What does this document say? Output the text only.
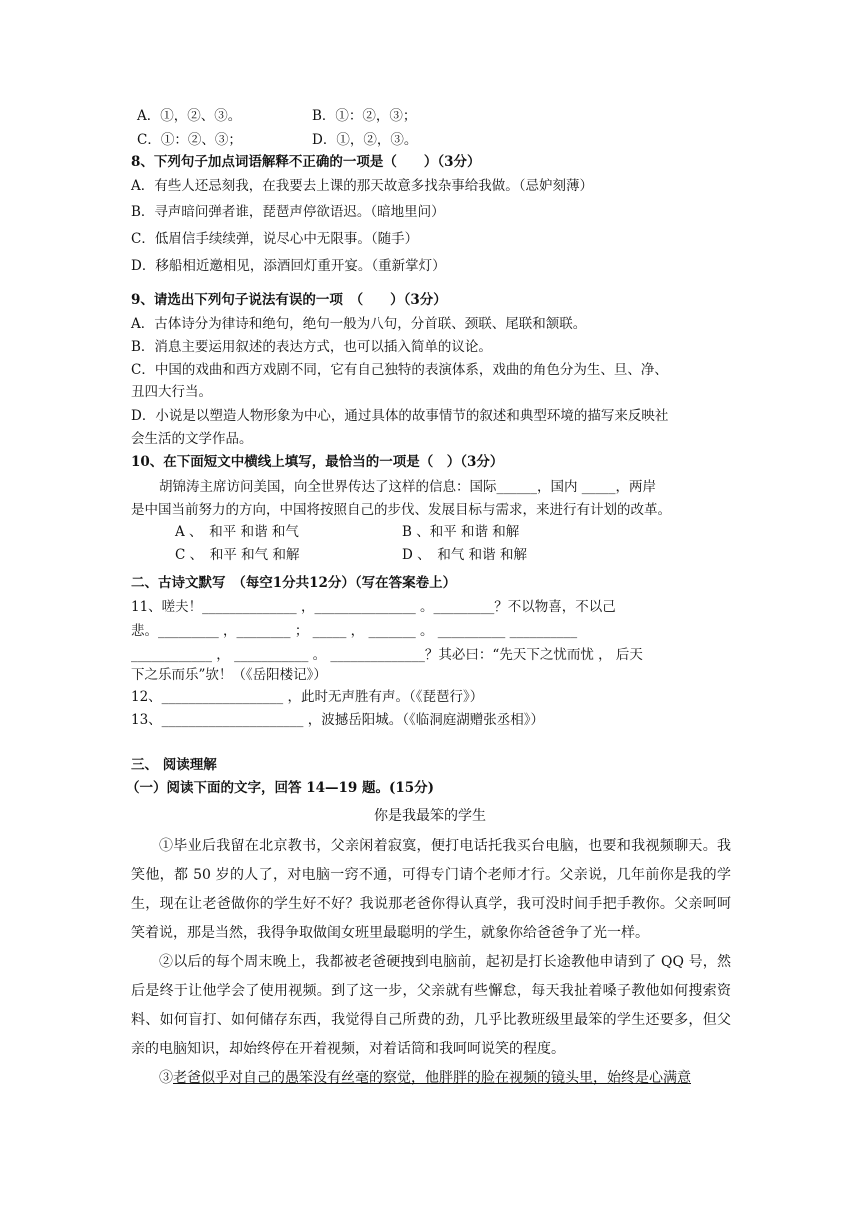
A．①，②、③。	B．①：②，③；
C．①：②、③；	D．①，②，③。
8、下列句子加点词语解释不正确的一项是（　　）（3分）
A．有些人还忌刻我，在我要去上课的那天故意多找杂事给我做。（忌妒刻薄）
B．寻声暗问弹者谁，琵琶声停欲语迟。（暗地里问）
C．低眉信手续续弹，说尽心中无限事。（随手）
D．移船相近邀相见，添酒回灯重开宴。（重新掌灯）
9、请选出下列句子说法有误的一项　（　　）（3分）
A．古体诗分为律诗和绝句，绝句一般为八句，分首联、颈联、尾联和颔联。
B．消息主要运用叙述的表达方式，也可以插入简单的议论。
C．中国的戏曲和西方戏剧不同，它有自己独特的表演体系，戏曲的角色分为生、旦、净、
丑四大行当。
D．小说是以塑造人物形象为中心，通过具体的故事情节的叙述和典型环境的描写来反映社
会生活的文学作品。
10、在下面短文中横线上填写，最恰当的一项是（　）（3分）
胡锦涛主席访问美国，向全世界传达了这样的信息：国际______，国内 _____，两岸
是中国当前努力的方向，中国将按照自己的步伐、发展目标与需求，来进行有计划的改革。
A 、　和平 和谐 和气	B 、和平 和谐 和解
C 、　和平 和气 和解	D 、　和气 和谐 和解
二、古诗文默写　（每空1分共12分）（写在答案卷上）
11、嗟夫！______________ ，_______________ 。_________？不以物喜，不以己
悲。_________ ，________ ； _____ ， _______ 。 __________ __________
____________ ， ___________ 。 ______________？其必曰：“先天下之忧而忧 ， 后天
下之乐而乐”欤！（《岳阳楼记》）
12、__________________ ，此时无声胜有声。（《琵琶行》）
13、_____________________ ，波撼岳阳城。（《临洞庭湖赠张丞相》）
三、 阅读理解
（一）阅读下面的文字，回答 14—19 题。(15分)
你是我最笨的学生

①毕业后我留在北京教书，父亲闲着寂寞，便打电话托我买台电脑，也要和我视频聊天。我笑他，都 50 岁的人了，对电脑一窍不通，可得专门请个老师才行。父亲说，几年前你是我的学生，现在让老爸做你的学生好不好？我说那老爸你得认真学，我可没时间手把手教你。父亲呵呵笑着说，那是当然，我得争取做闺女班里最聪明的学生，就象你给爸爸争了光一样。

②以后的每个周末晚上，我都被老爸硬拽到电脑前，起初是打长途教他申请到了 QQ 号，然后是终于让他学会了使用视频。到了这一步，父亲就有些懈怠，每天我扯着嗓子教他如何搜索资料、如何盲打、如何储存东西，我觉得自己所费的劲，几乎比教班级里最笨的学生还要多，但父亲的电脑知识，却始终停在开着视频，对着话筒和我呵呵说笑的程度。

③老爸似乎对自己的愚笨没有丝毫的察觉，他胖胖的脸在视频的镜头里，始终是心满意
